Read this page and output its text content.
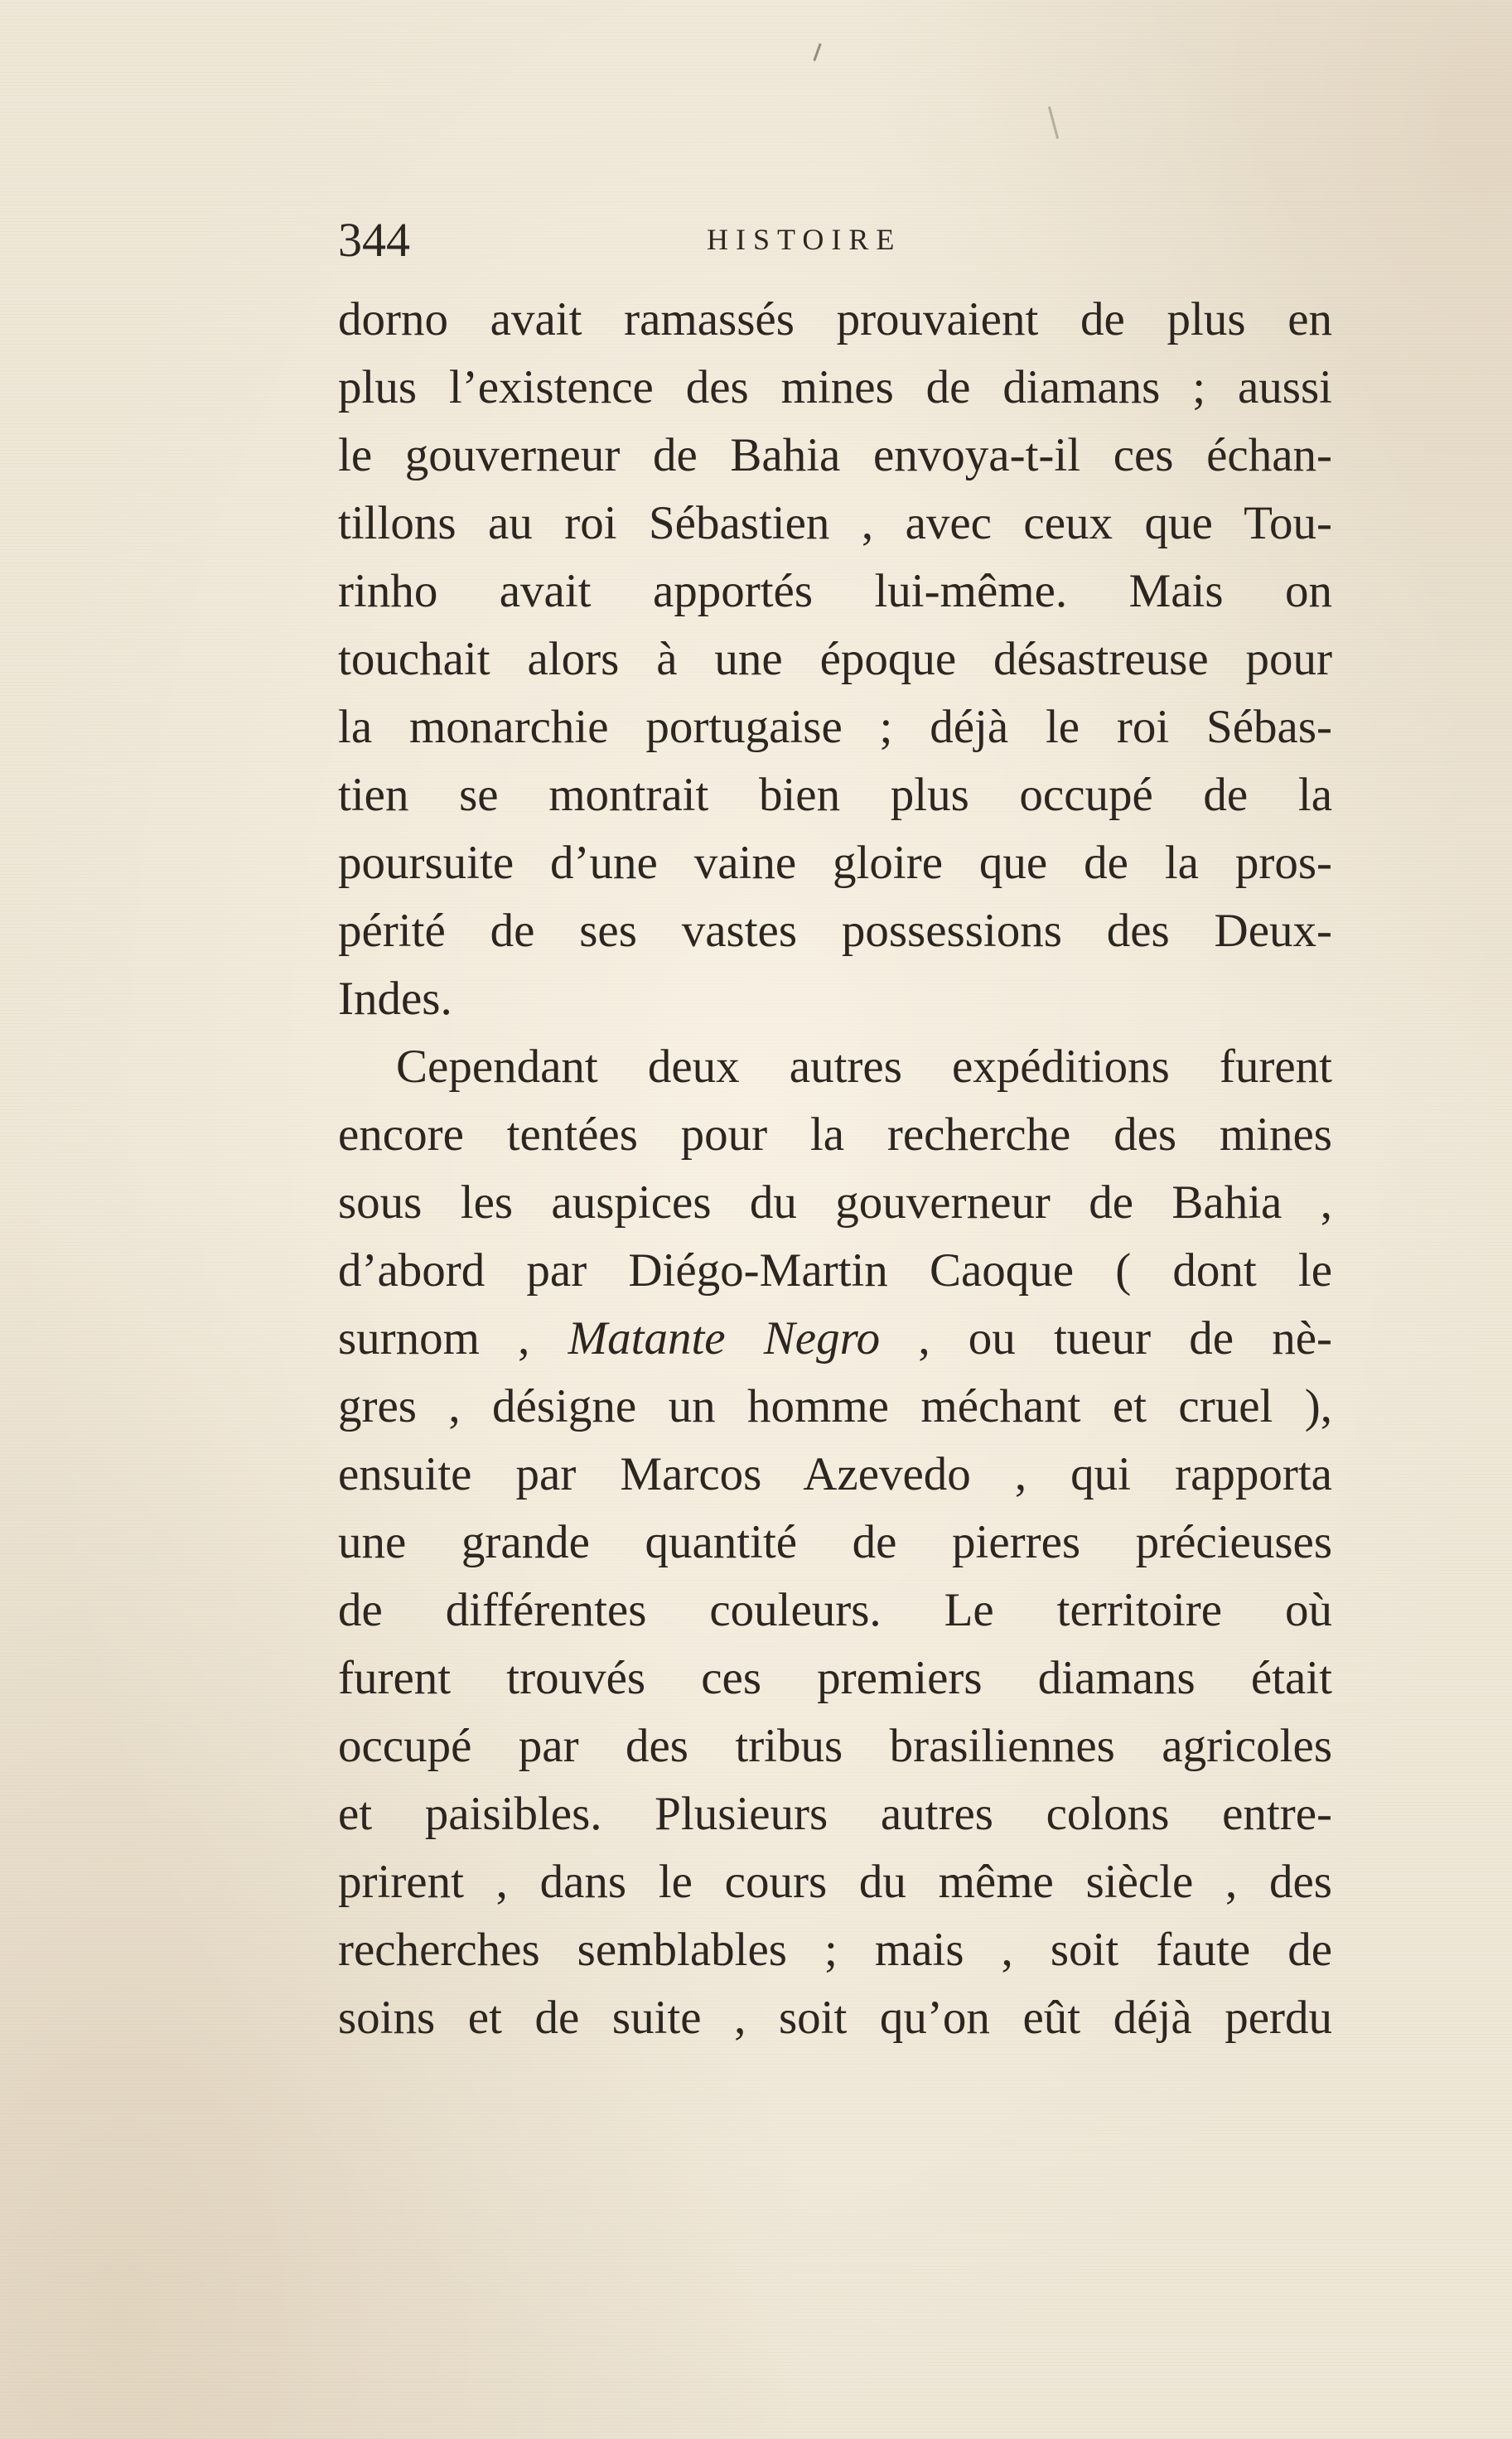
344	HISTOIRE
dorno avait ramassés prouvaient de plus en
plus l’existence des mines de diamans ; aussi
le gouverneur de Bahia envoya-t-il ces échan-
tillons au roi Sébastien , avec ceux que Tou-
rinho avait apportés lui-même. Mais on
touchait alors à une époque désastreuse pour
la monarchie portugaise ; déjà le roi Sébas-
tien se montrait bien plus occupé de la
poursuite d’une vaine gloire que de la pros-
périté de ses vastes possessions des Deux-
Indes.
Cependant deux autres expéditions furent
encore tentées pour la recherche des mines
sous les auspices du gouverneur de Bahia ,
d’abord par Diégo-Martin Caoque ( dont le
surnom , Matante Negro , ou tueur de nè-
gres , désigne un homme méchant et cruel ),
ensuite par Marcos Azevedo , qui rapporta
une grande quantité de pierres précieuses
de différentes couleurs. Le territoire où
furent trouvés ces premiers diamans était
occupé par des tribus brasiliennes agricoles
et paisibles. Plusieurs autres colons entre-
prirent , dans le cours du même siècle , des
recherches semblables ; mais , soit faute de
soins et de suite , soit qu’on eût déjà perdu
